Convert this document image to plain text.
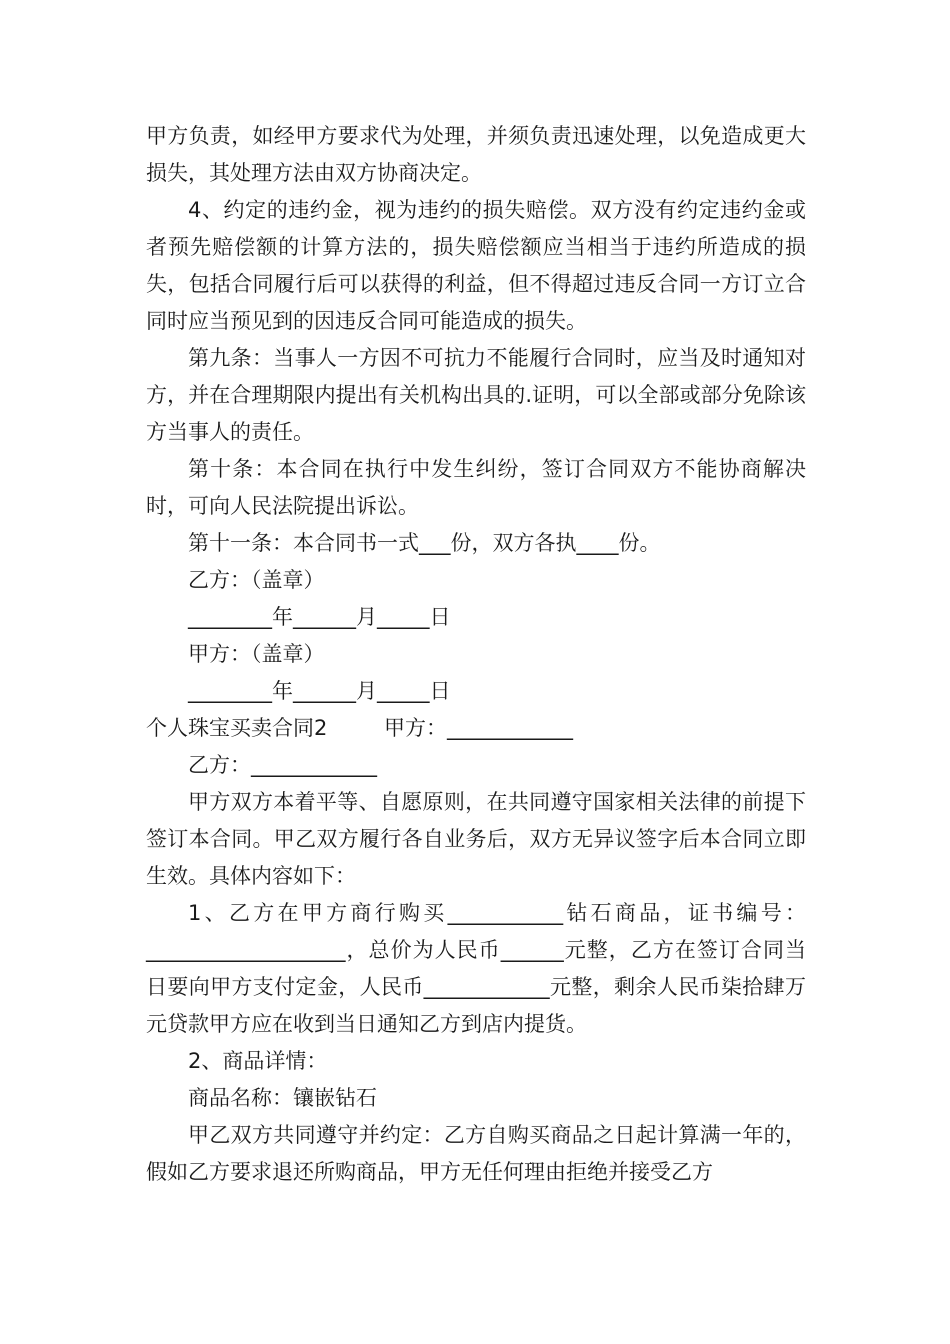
甲方负责，如经甲方要求代为处理，并须负责迅速处理，以免造成更大损失，其处理方法由双方协商决定。

4、约定的违约金，视为违约的损失赔偿。双方没有约定违约金或者预先赔偿额的计算方法的，损失赔偿额应当相当于违约所造成的损失，包括合同履行后可以获得的利益，但不得超过违反合同一方订立合同时应当预见到的因违反合同可能造成的损失。

第九条：当事人一方因不可抗力不能履行合同时，应当及时通知对方，并在合理期限内提出有关机构出具的.证明，可以全部或部分免除该方当事人的责任。

第十条：本合同在执行中发生纠纷，签订合同双方不能协商解决时，可向人民法院提出诉讼。

第十一条：本合同书一式___份，双方各执____份。

乙方：（盖章）

________年______月_____日

甲方：（盖章）

________年______月_____日

个人珠宝买卖合同2	甲方：____________

乙方：____________

甲方双方本着平等、自愿原则，在共同遵守国家相关法律的前提下签订本合同。甲乙双方履行各自业务后，双方无异议签字后本合同立即生效。具体内容如下：

1、乙方在甲方商行购买___________钻石商品，证书编号：___________________，总价为人民币______元整，乙方在签订合同当日要向甲方支付定金，人民币____________元整，剩余人民币柒拾肆万元贷款甲方应在收到当日通知乙方到店内提货。

2、商品详情：

商品名称：镶嵌钻石

甲乙双方共同遵守并约定：乙方自购买商品之日起计算满一年的，假如乙方要求退还所购商品，甲方无任何理由拒绝并接受乙方
